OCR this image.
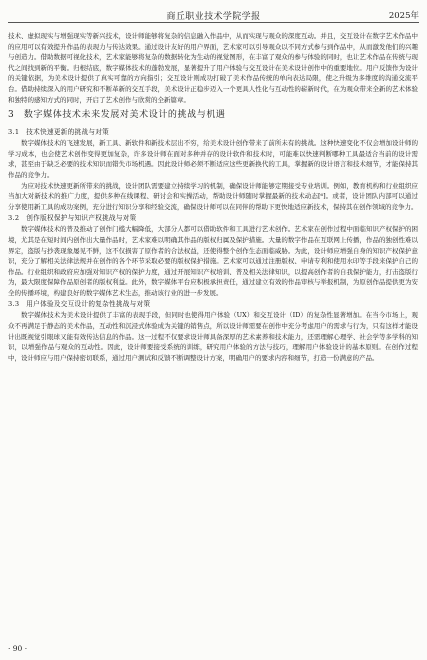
商丘职业技术学院学报	2025年

技术、虚拟现实与增强现实等新兴技术，设计师能够将复杂的信息融入作品中，从而实现与观众的深度互动。并且，交互设计在数字艺术作品中的应用可以有效提升作品的表现力与传达效果。通过设计友好的用户界面，艺术家可以引导观众以不同方式参与到作品中，从而激发他们的兴趣与创造力。借助数据可视化技术，艺术家能够将复杂的数据转化为生动的视觉图形，在丰富了观众的参与体验的同时，也让艺术作品在传统与现代之间找到新的平衡。归根结底，数字媒体技术的蓬勃发展，显著提升了用户体验与交互设计在美术设计创作中的重要地位。用户反馈作为设计的关键依据，为美术设计提供了真实可靠的方向指引；交互设计则成功打破了美术作品传统的单向表达局限，使之升级为多维度的沟通交流平台。借助持续深入的用户研究和不断革新的交互手段，美术设计正稳步迈入一个更具人性化与互动性的崭新时代，在为观众带来全新的艺术体验和独特的感知方式的同时，开启了艺术创作与欣赏的全新篇章。

3　数字媒体技术未来发展对美术设计的挑战与机遇
3.1　技术快速更新的挑战与对策

数字媒体技术的飞速发展，新工具、新软件和新技术层出不穷，给美术设计创作带来了前所未有的挑战。这种快速变化不仅会增加设计师的学习成本，也会使艺术创作变得更加复杂，许多设计师在面对多种并存的设计软件和技术时，可能难以快速判断哪种工具最适合当前的设计需求，甚至由于缺乏必要的技术知识而错失市场机遇。因此设计师必须不断适应这些更新换代的工具，掌握新的设计语言和技术细节，才能保持其作品的竞争力。

为应对技术快速更新所带来的挑战，设计团队需要建立持续学习的机制，确保设计师能够定期接受专业培训。例如，教育机构和行业组织应当加大对新技术的推广力度，提供多种在线课程、研讨会和实操活动，帮助设计师随时掌握最新的技术动态[⁶]。或者，设计团队内部可以通过分享使用新工具的成功案例，充分进行知识分享和经验交流，确保设计师可以在同伴的帮助下更快地适应新技术，保持其在创作领域的竞争力。

3.2　创作版权保护与知识产权挑战与对策

数字媒体技术的普及推动了创作门槛大幅降低，大部分人都可以借助软件和工具进行艺术创作。艺术家在创作过程中面临知识产权保护的困境，尤其是在短时间内创作出大量作品时，艺术家难以明确其作品的版权归属及保护措施。大量的数字作品在互联网上传播，作品的独创性难以界定，盗版与抄袭现象屡见不鲜，这不仅损害了原作者的合法权益，还使得整个创作生态面临威胁。为此，设计师应增强自身的知识产权保护意识，充分了解相关法律法规并在创作的各个环节采取必要的版权保护措施。艺术家可以通过注册版权、申请专利和使用水印等手段来保护自己的作品。行业组织和政府应加强对知识产权的保护力度，通过开展知识产权培训、普及相关法律知识，以提高创作者的自我保护能力，打击盗版行为，最大限度保障作品原创者的版权利益。此外，数字媒体平台应积极承担责任，通过建立有效的作品审核与举报机制，为原创作品提供更为安全的传播环境，构建良好的数字媒体艺术生态，推动该行业的进一步发展。

3.3　用户体验及交互设计的复杂性挑战与对策

数字媒体技术为美术设计提供了丰富的表现手段，但同时也使得用户体验（UX）和交互设计（ID）的复杂性显著增加。在当今市场上，观众不再满足于静态的美术作品，互动性和沉浸式体验成为关键的销售点，所以设计师需要在创作中充分考虑用户的需求与行为，只有这样才能设计出既视觉引眼球又能有效传达信息的作品。这一过程不仅要求设计师具备深厚的艺术素养和技术能力，还需理解心理学、社会学等多学科的知识，以增强作品与观众的互动性。因此，设计师要接受系统的训练，研究用户体验的方法与技巧，理解用户体验设计的基本原则。在创作过程中，设计师应与用户保持密切联系，通过用户测试和反馈不断调整设计方案，明确用户的要求内容和细节，打造一份满意的产品。

· 90 ·
